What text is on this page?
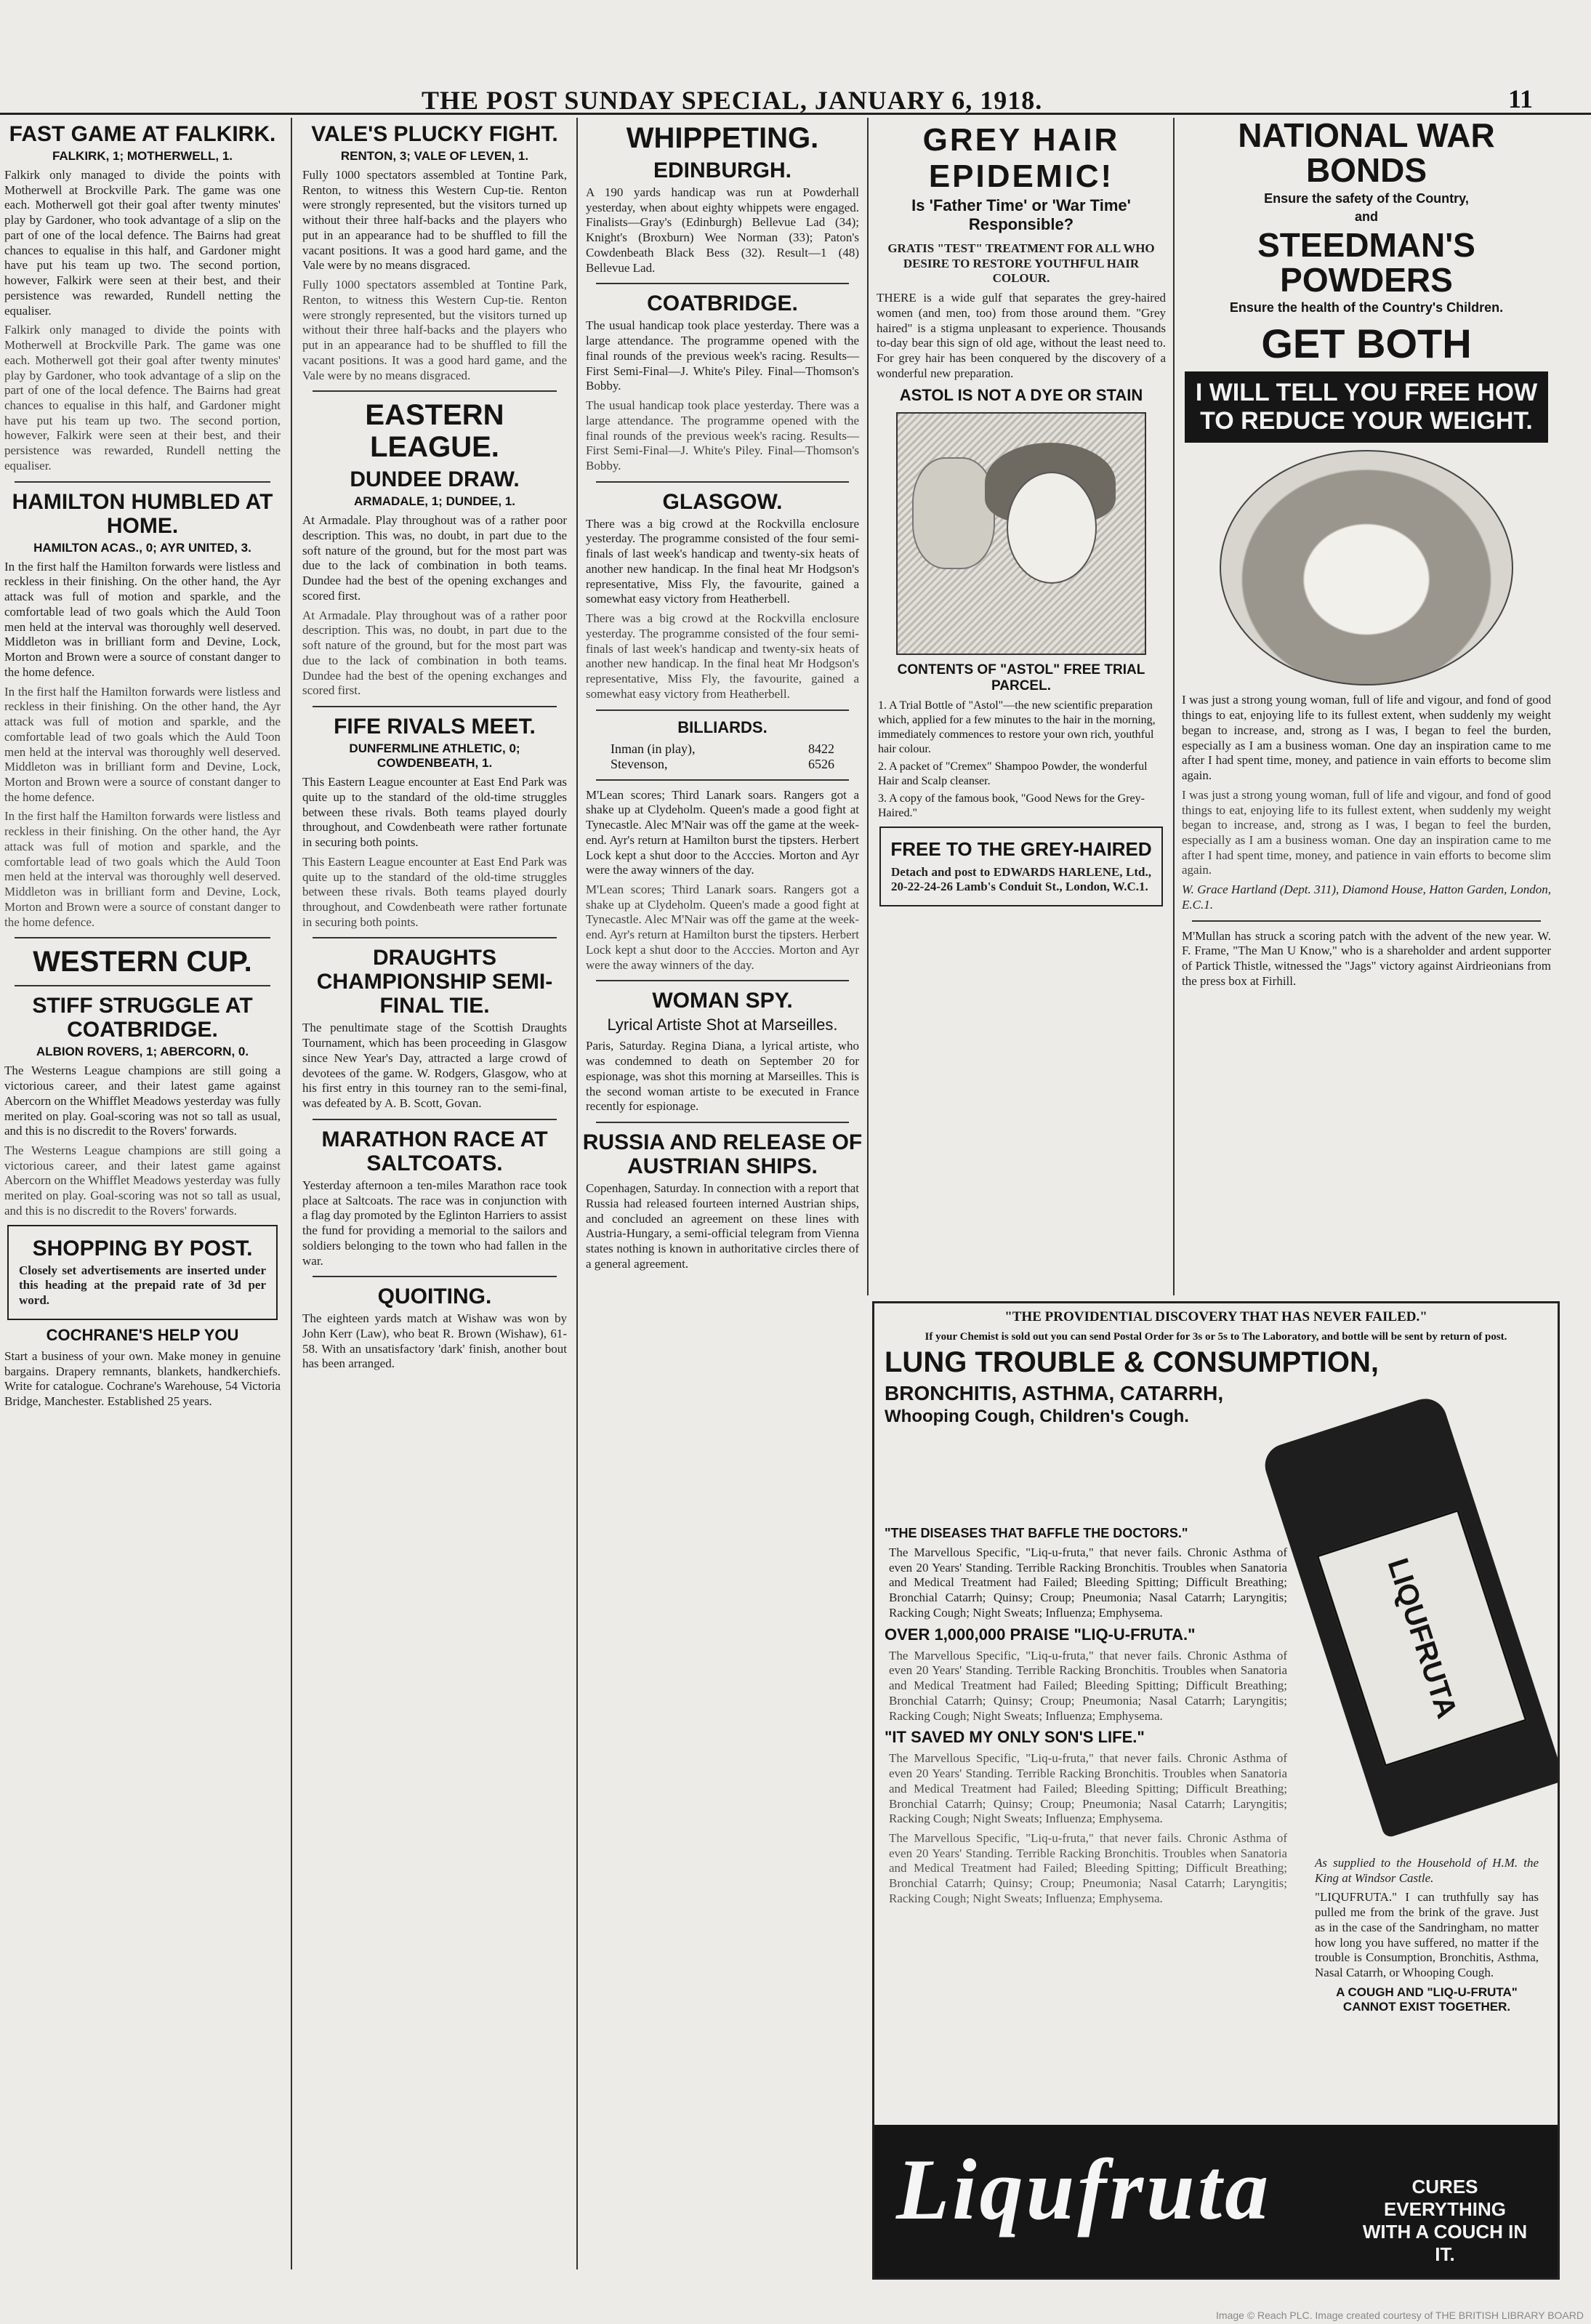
THE POST SUNDAY SPECIAL, JANUARY 6, 1918.	11
FAST GAME AT FALKIRK.
FALKIRK, 1; MOTHERWELL, 1.

Falkirk only managed to divide the points with Motherwell at Brockville Park. The game was one each. Motherwell got their goal after twenty minutes' play by Gardoner, who took advantage of a slip on the part of one of the local defence. The Bairns had great chances to equalise in this half, and Gardoner might have put his team up two. The second portion, however, Falkirk were seen at their best, and their persistence was rewarded, Rundell netting the equaliser.

Falkirk only managed to divide the points with Motherwell at Brockville Park. The game was one each. Motherwell got their goal after twenty minutes' play by Gardoner, who took advantage of a slip on the part of one of the local defence. The Bairns had great chances to equalise in this half, and Gardoner might have put his team up two. The second portion, however, Falkirk were seen at their best, and their persistence was rewarded, Rundell netting the equaliser.

HAMILTON HUMBLED AT HOME.
HAMILTON ACAS., 0; AYR UNITED, 3.

In the first half the Hamilton forwards were listless and reckless in their finishing. On the other hand, the Ayr attack was full of motion and sparkle, and the comfortable lead of two goals which the Auld Toon men held at the interval was thoroughly well deserved. Middleton was in brilliant form and Devine, Lock, Morton and Brown were a source of constant danger to the home defence.

In the first half the Hamilton forwards were listless and reckless in their finishing. On the other hand, the Ayr attack was full of motion and sparkle, and the comfortable lead of two goals which the Auld Toon men held at the interval was thoroughly well deserved. Middleton was in brilliant form and Devine, Lock, Morton and Brown were a source of constant danger to the home defence.

In the first half the Hamilton forwards were listless and reckless in their finishing. On the other hand, the Ayr attack was full of motion and sparkle, and the comfortable lead of two goals which the Auld Toon men held at the interval was thoroughly well deserved. Middleton was in brilliant form and Devine, Lock, Morton and Brown were a source of constant danger to the home defence.

WESTERN CUP.
STIFF STRUGGLE AT COATBRIDGE.
ALBION ROVERS, 1; ABERCORN, 0.

The Westerns League champions are still going a victorious career, and their latest game against Abercorn on the Whifflet Meadows yesterday was fully merited on play. Goal-scoring was not so tall as usual, and this is no discredit to the Rovers' forwards.

The Westerns League champions are still going a victorious career, and their latest game against Abercorn on the Whifflet Meadows yesterday was fully merited on play. Goal-scoring was not so tall as usual, and this is no discredit to the Rovers' forwards.

SHOPPING BY POST.

Closely set advertisements are inserted under this heading at the prepaid rate of 3d per word.

COCHRANE'S HELP YOU

Start a business of your own. Make money in genuine bargains. Drapery remnants, blankets, handkerchiefs. Write for catalogue. Cochrane's Warehouse, 54 Victoria Bridge, Manchester. Established 25 years.

VALE'S PLUCKY FIGHT.
RENTON, 3; VALE OF LEVEN, 1.

Fully 1000 spectators assembled at Tontine Park, Renton, to witness this Western Cup-tie. Renton were strongly represented, but the visitors turned up without their three half-backs and the players who put in an appearance had to be shuffled to fill the vacant positions. It was a good hard game, and the Vale were by no means disgraced.

Fully 1000 spectators assembled at Tontine Park, Renton, to witness this Western Cup-tie. Renton were strongly represented, but the visitors turned up without their three half-backs and the players who put in an appearance had to be shuffled to fill the vacant positions. It was a good hard game, and the Vale were by no means disgraced.

EASTERN LEAGUE.
DUNDEE DRAW.
ARMADALE, 1; DUNDEE, 1.

At Armadale. Play throughout was of a rather poor description. This was, no doubt, in part due to the soft nature of the ground, but for the most part was due to the lack of combination in both teams. Dundee had the best of the opening exchanges and scored first.

At Armadale. Play throughout was of a rather poor description. This was, no doubt, in part due to the soft nature of the ground, but for the most part was due to the lack of combination in both teams. Dundee had the best of the opening exchanges and scored first.

FIFE RIVALS MEET.
DUNFERMLINE ATHLETIC, 0; COWDENBEATH, 1.

This Eastern League encounter at East End Park was quite up to the standard of the old-time struggles between these rivals. Both teams played dourly throughout, and Cowdenbeath were rather fortunate in securing both points.

This Eastern League encounter at East End Park was quite up to the standard of the old-time struggles between these rivals. Both teams played dourly throughout, and Cowdenbeath were rather fortunate in securing both points.

DRAUGHTS CHAMPIONSHIP SEMI-FINAL TIE.

The penultimate stage of the Scottish Draughts Tournament, which has been proceeding in Glasgow since New Year's Day, attracted a large crowd of devotees of the game. W. Rodgers, Glasgow, who at his first entry in this tourney ran to the semi-final, was defeated by A. B. Scott, Govan.

MARATHON RACE AT SALTCOATS.

Yesterday afternoon a ten-miles Marathon race took place at Saltcoats. The race was in conjunction with a flag day promoted by the Eglinton Harriers to assist the fund for providing a memorial to the sailors and soldiers belonging to the town who had fallen in the war.

QUOITING.

The eighteen yards match at Wishaw was won by John Kerr (Law), who beat R. Brown (Wishaw), 61-58. With an unsatisfactory 'dark' finish, another bout has been arranged.

WHIPPETING.
EDINBURGH.

A 190 yards handicap was run at Powderhall yesterday, when about eighty whippets were engaged. Finalists—Gray's (Edinburgh) Bellevue Lad (34); Knight's (Broxburn) Wee Norman (33); Paton's Cowdenbeath Black Bess (32). Result—1 (48) Bellevue Lad.

COATBRIDGE.

The usual handicap took place yesterday. There was a large attendance. The programme opened with the final rounds of the previous week's racing. Results—First Semi-Final—J. White's Piley. Final—Thomson's Bobby.

The usual handicap took place yesterday. There was a large attendance. The programme opened with the final rounds of the previous week's racing. Results—First Semi-Final—J. White's Piley. Final—Thomson's Bobby.

GLASGOW.

There was a big crowd at the Rockvilla enclosure yesterday. The programme consisted of the four semi-finals of last week's handicap and twenty-six heats of another new handicap. In the final heat Mr Hodgson's representative, Miss Fly, the favourite, gained a somewhat easy victory from Heatherbell.

There was a big crowd at the Rockvilla enclosure yesterday. The programme consisted of the four semi-finals of last week's handicap and twenty-six heats of another new handicap. In the final heat Mr Hodgson's representative, Miss Fly, the favourite, gained a somewhat easy victory from Heatherbell.

BILLIARDS.
Inman (in play),	8422
Stevenson,	6526

M'Lean scores; Third Lanark soars. Rangers got a shake up at Clydeholm. Queen's made a good fight at Tynecastle. Alec M'Nair was off the game at the week-end. Ayr's return at Hamilton burst the tipsters. Herbert Lock kept a shut door to the Acccies. Morton and Ayr were the away winners of the day.

M'Lean scores; Third Lanark soars. Rangers got a shake up at Clydeholm. Queen's made a good fight at Tynecastle. Alec M'Nair was off the game at the week-end. Ayr's return at Hamilton burst the tipsters. Herbert Lock kept a shut door to the Acccies. Morton and Ayr were the away winners of the day.

WOMAN SPY.
Lyrical Artiste Shot at Marseilles.

Paris, Saturday. Regina Diana, a lyrical artiste, who was condemned to death on September 20 for espionage, was shot this morning at Marseilles. This is the second woman artiste to be executed in France recently for espionage.

RUSSIA AND RELEASE OF AUSTRIAN SHIPS.

Copenhagen, Saturday. In connection with a report that Russia had released fourteen interned Austrian ships, and concluded an agreement on these lines with Austria-Hungary, a semi-official telegram from Vienna states nothing is known in authoritative circles there of a general agreement.

GREY HAIR EPIDEMIC!
Is 'Father Time' or 'War Time' Responsible?

GRATIS "TEST" TREATMENT FOR ALL WHO DESIRE TO RESTORE YOUTHFUL HAIR COLOUR.

THERE is a wide gulf that separates the grey-haired women (and men, too) from those around them. "Grey haired" is a stigma unpleasant to experience. Thousands to-day bear this sign of old age, without the least need to. For grey hair has been conquered by the discovery of a wonderful new preparation.

ASTOL IS NOT A DYE OR STAIN
CONTENTS OF "ASTOL" FREE TRIAL PARCEL.

1. A Trial Bottle of "Astol"—the new scientific preparation which, applied for a few minutes to the hair in the morning, immediately commences to restore your own rich, youthful hair colour.

2. A packet of "Cremex" Shampoo Powder, the wonderful Hair and Scalp cleanser.

3. A copy of the famous book, "Good News for the Grey-Haired."

FREE TO THE GREY-HAIRED

Detach and post to EDWARDS HARLENE, Ltd., 20-22-24-26 Lamb's Conduit St., London, W.C.1.

NATIONAL WAR BONDS
Ensure the safety of the Country,
and
STEEDMAN'S POWDERS
Ensure the health of the Country's Children.
GET BOTH
I WILL TELL YOU FREE HOW TO REDUCE YOUR WEIGHT.

I was just a strong young woman, full of life and vigour, and fond of good things to eat, enjoying life to its fullest extent, when suddenly my weight began to increase, and, strong as I was, I began to feel the burden, especially as I am a business woman. One day an inspiration came to me after I had spent time, money, and patience in vain efforts to become slim again.

I was just a strong young woman, full of life and vigour, and fond of good things to eat, enjoying life to its fullest extent, when suddenly my weight began to increase, and, strong as I was, I began to feel the burden, especially as I am a business woman. One day an inspiration came to me after I had spent time, money, and patience in vain efforts to become slim again.

W. Grace Hartland (Dept. 311), Diamond House, Hatton Garden, London, E.C.1.

M'Mullan has struck a scoring patch with the advent of the new year. W. F. Frame, "The Man U Know," who is a shareholder and ardent supporter of Partick Thistle, witnessed the "Jags" victory against Airdrieonians from the press box at Firhill.

"THE PROVIDENTIAL DISCOVERY THAT HAS NEVER FAILED."
If your Chemist is sold out you can send Postal Order for 3s or 5s to The Laboratory, and bottle will be sent by return of post.
LUNG TROUBLE & CONSUMPTION,
BRONCHITIS, ASTHMA, CATARRH,
Whooping Cough, Children's Cough.
"THE DISEASES THAT BAFFLE THE DOCTORS."

The Marvellous Specific, "Liq-u-fruta," that never fails. Chronic Asthma of even 20 Years' Standing. Terrible Racking Bronchitis. Troubles when Sanatoria and Medical Treatment had Failed; Bleeding Spitting; Difficult Breathing; Bronchial Catarrh; Quinsy; Croup; Pneumonia; Nasal Catarrh; Laryngitis; Racking Cough; Night Sweats; Influenza; Emphysema.

OVER 1,000,000 PRAISE "LIQ-U-FRUTA."

The Marvellous Specific, "Liq-u-fruta," that never fails. Chronic Asthma of even 20 Years' Standing. Terrible Racking Bronchitis. Troubles when Sanatoria and Medical Treatment had Failed; Bleeding Spitting; Difficult Breathing; Bronchial Catarrh; Quinsy; Croup; Pneumonia; Nasal Catarrh; Laryngitis; Racking Cough; Night Sweats; Influenza; Emphysema.

"IT SAVED MY ONLY SON'S LIFE."

The Marvellous Specific, "Liq-u-fruta," that never fails. Chronic Asthma of even 20 Years' Standing. Terrible Racking Bronchitis. Troubles when Sanatoria and Medical Treatment had Failed; Bleeding Spitting; Difficult Breathing; Bronchial Catarrh; Quinsy; Croup; Pneumonia; Nasal Catarrh; Laryngitis; Racking Cough; Night Sweats; Influenza; Emphysema.

The Marvellous Specific, "Liq-u-fruta," that never fails. Chronic Asthma of even 20 Years' Standing. Terrible Racking Bronchitis. Troubles when Sanatoria and Medical Treatment had Failed; Bleeding Spitting; Difficult Breathing; Bronchial Catarrh; Quinsy; Croup; Pneumonia; Nasal Catarrh; Laryngitis; Racking Cough; Night Sweats; Influenza; Emphysema.

LIQUFRUTA

As supplied to the Household of H.M. the King at Windsor Castle.

"LIQUFRUTA." I can truthfully say has pulled me from the brink of the grave. Just as in the case of the Sandringham, no matter how long you have suffered, no matter if the trouble is Consumption, Bronchitis, Asthma, Nasal Catarrh, or Whooping Cough.

A COUGH AND "LIQ-U-FRUTA" CANNOT EXIST TOGETHER.
Liqufruta	CURES EVERYTHING WITH A COUCH IN IT.
Image © Reach PLC. Image created courtesy of THE BRITISH LIBRARY BOARD
